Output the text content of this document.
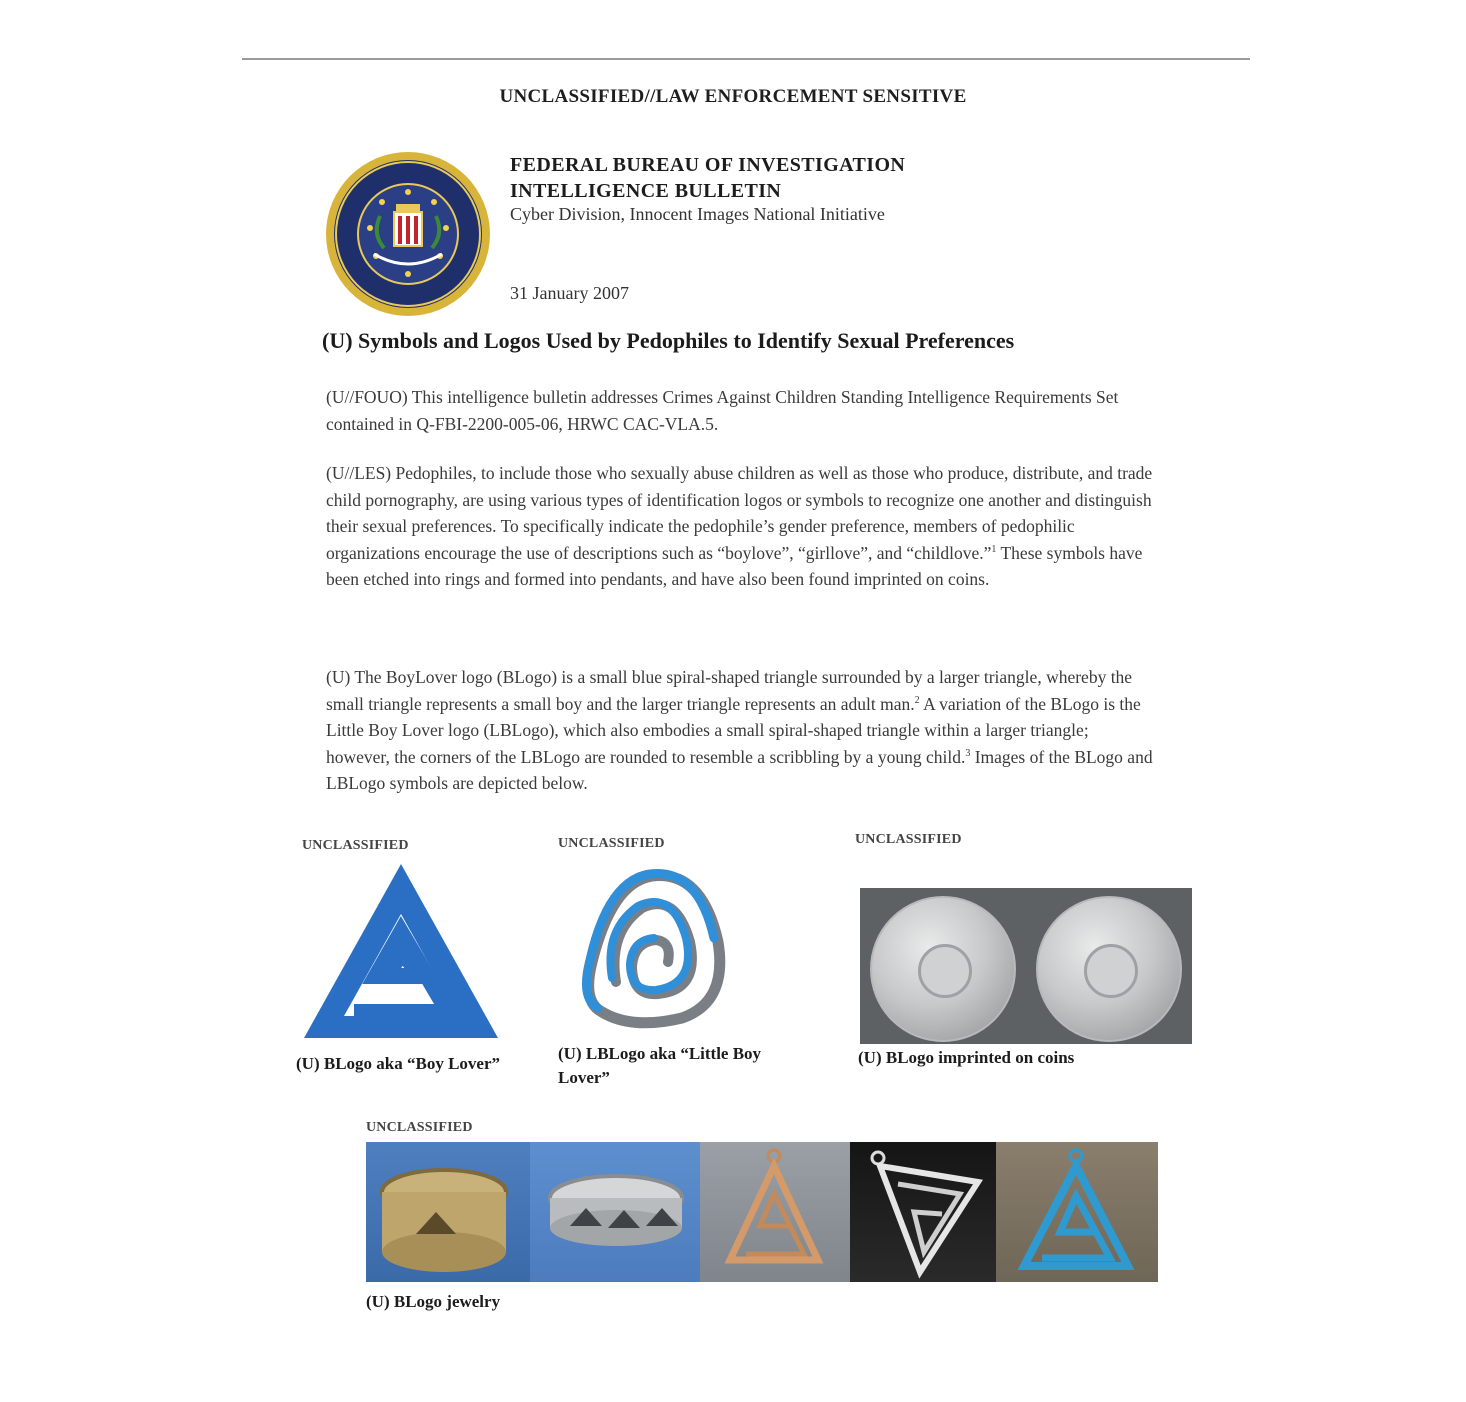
UNCLASSIFIED//LAW ENFORCEMENT SENSITIVE
FEDERAL BUREAU OF INVESTIGATION
INTELLIGENCE BULLETIN
Cyber Division, Innocent Images National Initiative
31 January 2007
(U) Symbols and Logos Used by Pedophiles to Identify Sexual Preferences
(U//FOUO) This intelligence bulletin addresses Crimes Against Children Standing Intelligence Requirements Set contained in Q-FBI-2200-005-06, HRWC CAC-VLA.5.
(U//LES) Pedophiles, to include those who sexually abuse children as well as those who produce, distribute, and trade child pornography, are using various types of identification logos or symbols to recognize one another and distinguish their sexual preferences. To specifically indicate the pedophile’s gender preference, members of pedophilic organizations encourage the use of descriptions such as “boylove”, “girllove”, and “childlove.”$^1$ These symbols have been etched into rings and formed into pendants, and have also been found imprinted on coins.
(U) The BoyLover logo (BLogo) is a small blue spiral-shaped triangle surrounded by a larger triangle, whereby the small triangle represents a small boy and the larger triangle represents an adult man.$^2$ A variation of the BLogo is the Little Boy Lover logo (LBLogo), which also embodies a small spiral-shaped triangle within a larger triangle; however, the corners of the LBLogo are rounded to resemble a scribbling by a young child.$^3$ Images of the BLogo and LBLogo symbols are depicted below.
UNCLASSIFIED
(U) BLogo aka “Boy Lover”
UNCLASSIFIED
(U) LBLogo aka “Little Boy Lover”
UNCLASSIFIED
(U) BLogo imprinted on coins
UNCLASSIFIED
(U) BLogo jewelry
